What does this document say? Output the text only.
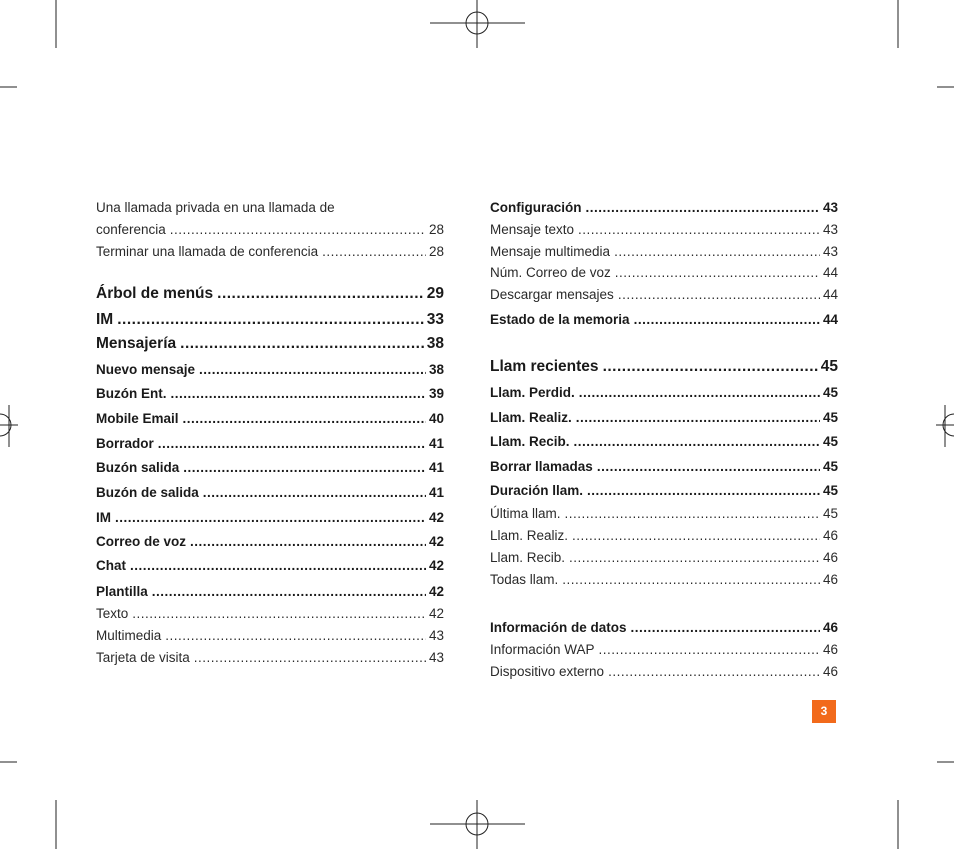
Una llamada privada en una llamada de
conferencia .....	28
Terminar una llamada de conferencia .....	28
Árbol de menús .....	29
IM .....	33
Mensajería .....	38
Nuevo mensaje .....	38
Buzón Ent. .....	39
Mobile Email .....	40
Borrador .....	41
Buzón salida .....	41
Buzón de salida .....	41
IM .....	42
Correo de voz .....	42
Chat .....	42
Plantilla .....	42
Texto .....	42
Multimedia .....	43
Tarjeta de visita .....	43
Configuración .....	43
Mensaje texto .....	43
Mensaje multimedia .....	43
Núm. Correo de voz .....	44
Descargar mensajes .....	44
Estado de la memoria .....	44
Llam recientes .....	45
Llam. Perdid. .....	45
Llam. Realiz. .....	45
Llam. Recib. .....	45
Borrar llamadas .....	45
Duración llam. .....	45
Última llam. .....	45
Llam. Realiz. .....	46
Llam. Recib. .....	46
Todas llam. .....	46
Información de datos .....	46
Información WAP .....	46
Dispositivo externo .....	46
3
